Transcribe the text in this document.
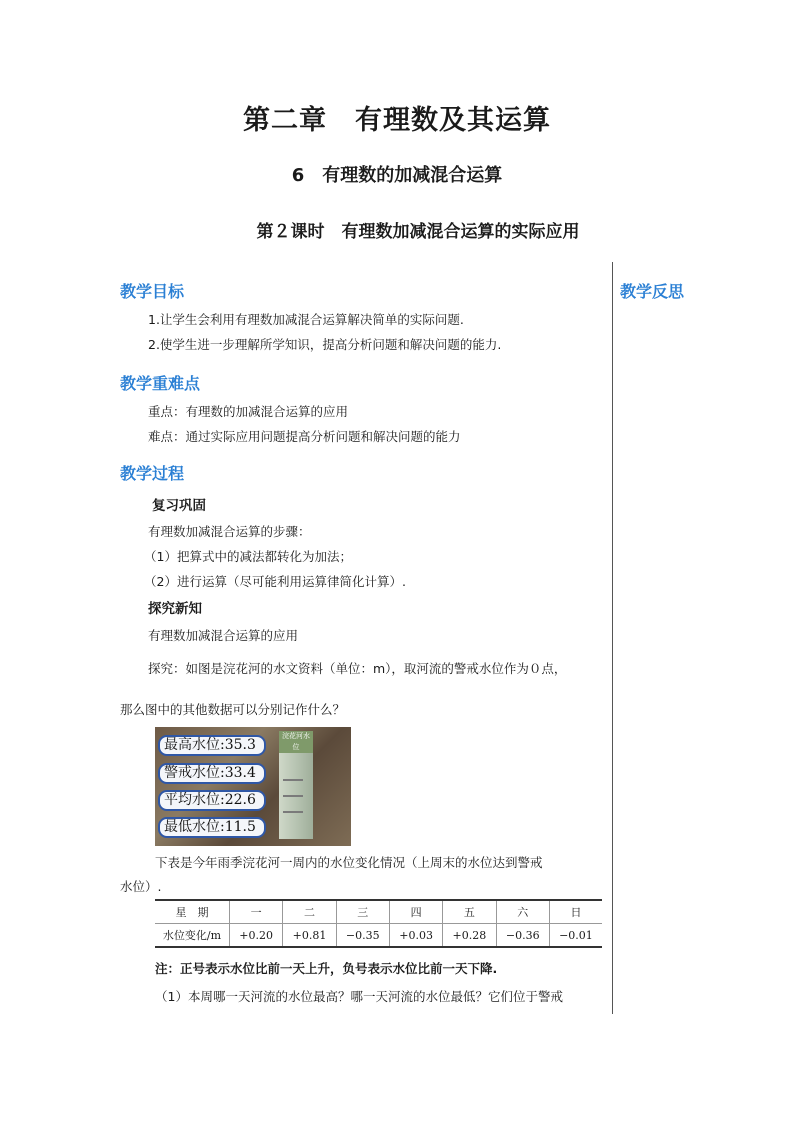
第二章　有理数及其运算
6　有理数的加减混合运算
第２课时　有理数加减混合运算的实际应用
教学反思
教学目标
1.让学生会利用有理数加减混合运算解决简单的实际问题.
2.使学生进一步理解所学知识，提高分析问题和解决问题的能力.
教学重难点
重点：有理数的加减混合运算的应用
难点：通过实际应用问题提高分析问题和解决问题的能力
教学过程
复习巩固
有理数加减混合运算的步骤：
（1）把算式中的减法都转化为加法；
（2）进行运算（尽可能利用运算律简化计算）.
探究新知
有理数加减混合运算的应用
探究：如图是浣花河的水文资料（单位：m），取河流的警戒水位作为０点，
那么图中的其他数据可以分别记作什么？
浣花河水位
最高水位:35.3
警戒水位:33.4
平均水位:22.6
最低水位:11.5
下表是今年雨季浣花河一周内的水位变化情况（上周末的水位达到警戒
水位）.
星　期	一	二	三	四	五	六	日
水位变化/m	+0.20	+0.81	−0.35	+0.03	+0.28	−0.36	−0.01
注：正号表示水位比前一天上升，负号表示水位比前一天下降.
（1）本周哪一天河流的水位最高？哪一天河流的水位最低？它们位于警戒
